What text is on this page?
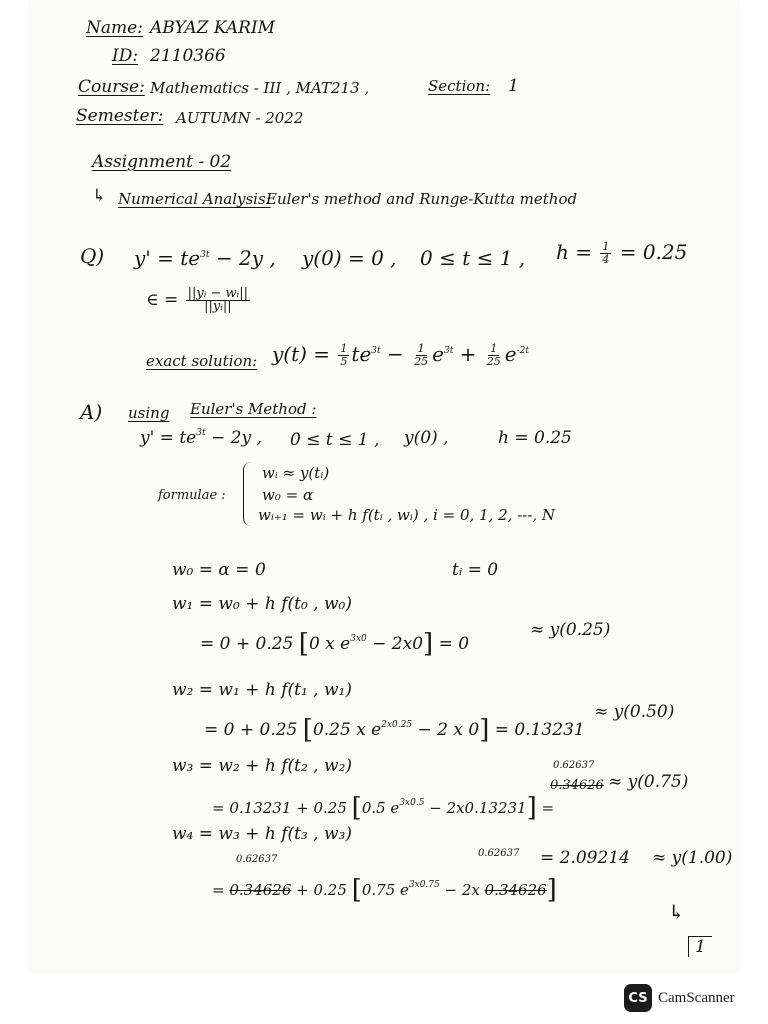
Name: ABYAZ KARIM
ID: 2110366
Course: Mathematics - III , MAT213 ,	Section: 1
Semester: AUTUMN - 2022
Assignment - 02
↳ Numerical Analysis:
Euler's method and Runge-Kutta method
Q) $y' = te^{3t} - 2y$ , y(0) = 0 , 0 ≤ t ≤ 1 , $h = \frac{1}{4} = 0.25$
∈ = $\frac{\text{||yᵢ − wᵢ||}}{\text{||yᵢ||}}$
exact solution: $y(t) = \frac{1}{5} te^{3t} - \frac{1}{25} e^{3t} + \frac{1}{25} e^{-2t}$
A) using Euler's Method :
$y' = te^{3t} - 2y$ , 0 ≤ t ≤ 1 , y(0) ,	h = 0.25
formulae :
wᵢ ≈ y(tᵢ)
w₀ = α
wᵢ₊₁ = wᵢ + h f(tᵢ , wᵢ) , i = 0, 1, 2, ---, N
w₀ = α = 0	tᵢ = 0
w₁ = w₀ + h f(t₀ , w₀)
= 0 + 0.25 [0 x $e^{3x0} - 2x0] = 0$
≈ y(0.25)
w₂ = w₁ + h f(t₁ , w₁)
= 0 + 0.25 [0.25 x $e^{2x0.25} - 2$ x 0] = 0.13231
≈ y(0.50)
w₃ = w₂ + h f(t₂ , w₂)
= 0.13231 + 0.25 [0.5 $e^{3x0.5} - 2x0.13231$] =
0.62637
0.34626 ≈ y(0.75)
w₄ = w₃ + h f(t₃ , w₃)
0.62637
= 0.34626 + 0.25 [0.75 $e^{3x0.75} - 2x$ 0.34626]
0.62637 = 2.09214 ≈ y(1.00)
↳
1
CS CamScanner
